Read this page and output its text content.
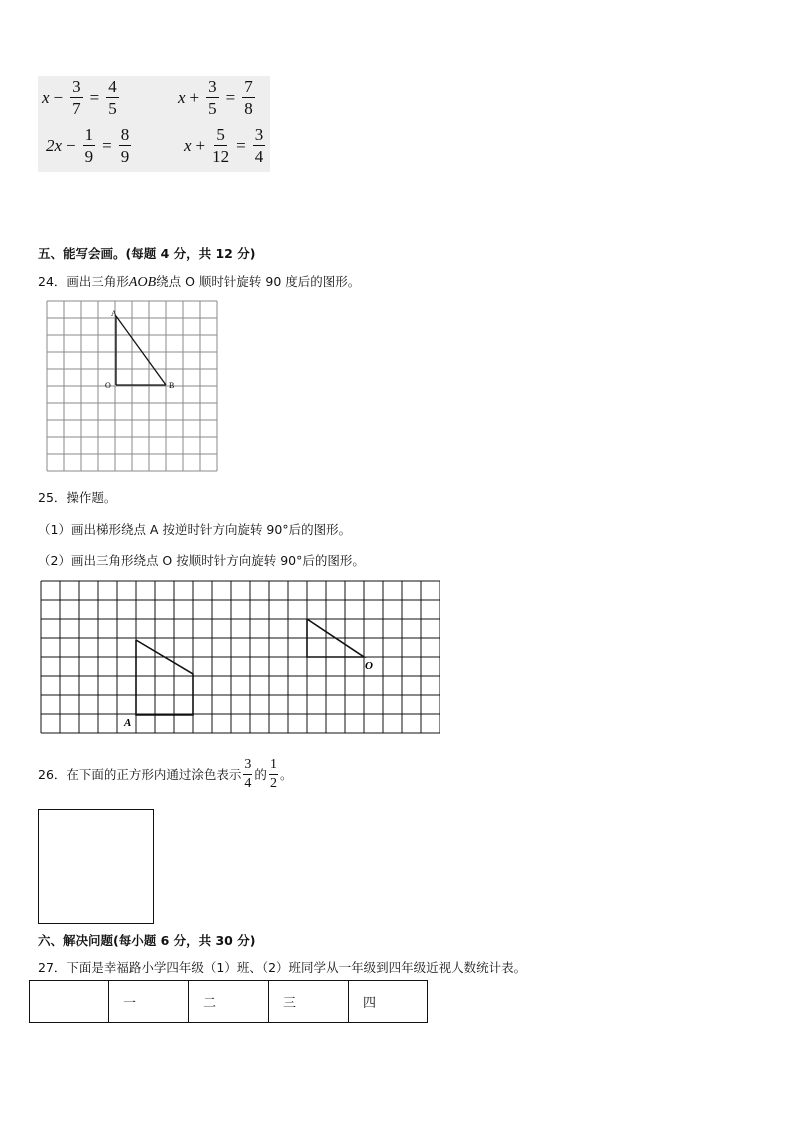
$x - \frac{3}{7} = \frac{4}{5}$	$x + \frac{3}{5} = \frac{7}{8}$
$2x - \frac{1}{9} = \frac{8}{9}$	$x + \frac{5}{12} = \frac{3}{4}$
五、能写会画。(每题 4 分，共 12 分)
24．画出三角形AOB绕点 O 顺时针旋转 90 度后的图形。
A
O	B
25．操作题。
（1）画出梯形绕点 A 按逆时针方向旋转 90°后的图形。
（2）画出三角形绕点 O 按顺时针方向旋转 90°后的图形。
A
O
26．在下面的正方形内通过涂色表示 $\frac{3}{4}$ 的 $\frac{1}{2}$ 。
六、解决问题(每小题 6 分，共 30 分)
27．下面是幸福路小学四年级（1）班、（2）班同学从一年级到四年级近视人数统计表。
	一	二	三	四
